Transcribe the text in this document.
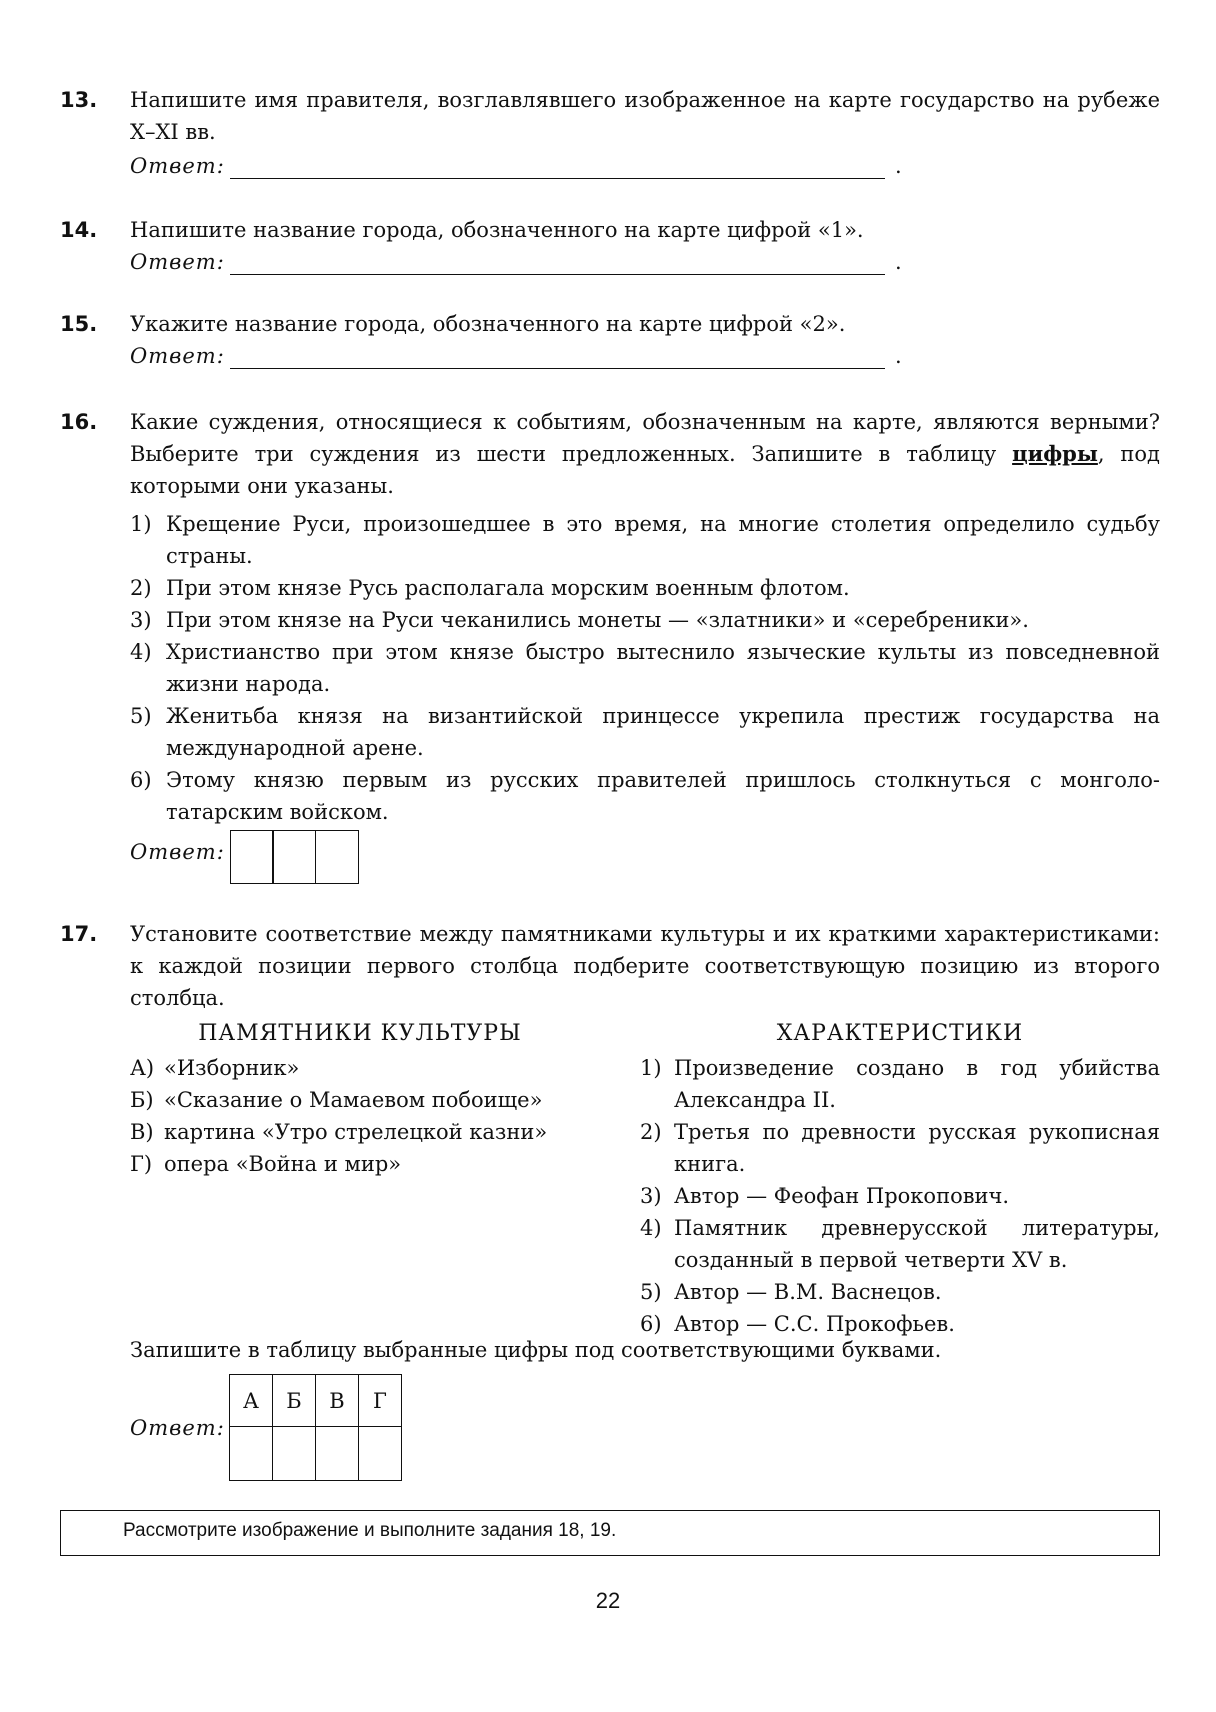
13. Напишите имя правителя, возглавлявшего изображенное на карте государство на рубеже X–XI вв.
Ответ:	.
14. Напишите название города, обозначенного на карте цифрой «1».
Ответ:	.
15. Укажите название города, обозначенного на карте цифрой «2».
Ответ:	.
16. Какие суждения, относящиеся к событиям, обозначенным на карте, являются верными? Выберите три суждения из шести предложенных. Запишите в таблицу цифры, под которыми они указаны.
1) Крещение Руси, произошедшее в это время, на многие столетия определило судьбу страны.
2) При этом князе Русь располагала морским военным флотом.
3) При этом князе на Руси чеканились монеты — «златники» и «серебреники».
4) Христианство при этом князе быстро вытеснило языческие культы из повседневной жизни народа.
5) Женитьба князя на византийской принцессе укрепила престиж государства на международной арене.
6) Этому князю первым из русских правителей пришлось столкнуться с монголо-татарским войском.
Ответ:
17. Установите соответствие между памятниками культуры и их краткими характеристиками: к каждой позиции первого столбца подберите соответствующую позицию из второго столбца.
ПАМЯТНИКИ КУЛЬТУРЫ
А) «Изборник»
Б) «Сказание о Мамаевом побоище»
В) картина «Утро стрелецкой казни»
Г) опера «Война и мир»
ХАРАКТЕРИСТИКИ
1) Произведение создано в год убийства Александра II.
2) Третья по древности русская рукописная книга.
3) Автор — Феофан Прокопович.
4) Памятник древнерусской литературы, созданный в первой четверти XV в.
5) Автор — В.М. Васнецов.
6) Автор — С.С. Прокофьев.
Запишите в таблицу выбранные цифры под соответствующими буквами.
Ответ:
А	Б	В	Г

Рассмотрите изображение и выполните задания 18, 19.
22
